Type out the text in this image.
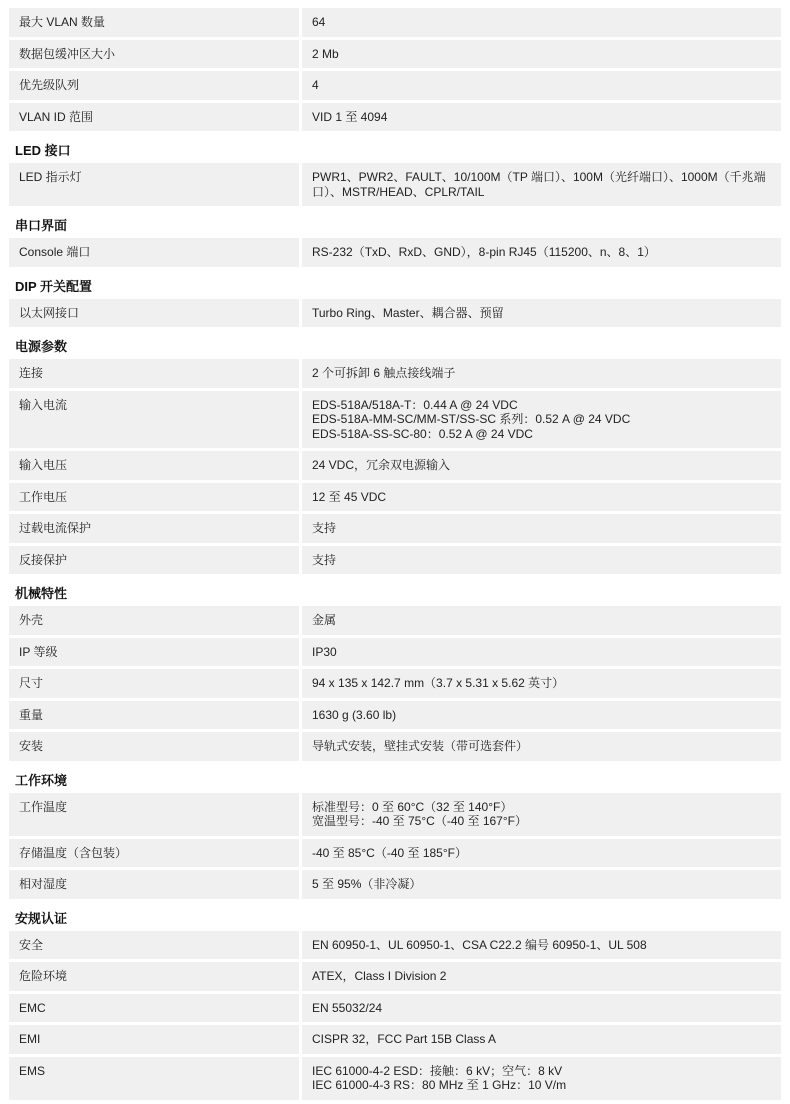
最大 VLAN 数量	64
数据包缓冲区大小	2 Mb
优先级队列	4
VLAN ID 范围	VID 1 至 4094
LED 接口
LED 指示灯	PWR1、PWR2、FAULT、10/100M（TP 端口）、100M（光纤端口）、1000M（千兆端
口）、MSTR/HEAD、CPLR/TAIL
串口界面
Console 端口	RS-232（TxD、RxD、GND），8-pin RJ45（115200、n、8、1）
DIP 开关配置
以太网接口	Turbo Ring、Master、耦合器、预留
电源参数
连接	2 个可拆卸 6 触点接线端子
输入电流	EDS-518A/518A-T：0.44 A @ 24 VDC
EDS-518A-MM-SC/MM-ST/SS-SC 系列：0.52 A @ 24 VDC
EDS-518A-SS-SC-80：0.52 A @ 24 VDC
输入电压	24 VDC，冗余双电源输入
工作电压	12 至 45 VDC
过载电流保护	支持
反接保护	支持
机械特性
外壳	金属
IP 等级	IP30
尺寸	94 x 135 x 142.7 mm（3.7 x 5.31 x 5.62 英寸）
重量	1630 g (3.60 lb)
安装	导轨式安装，壁挂式安装（带可选套件）
工作环境
工作温度	标准型号：0 至 60°C（32 至 140°F）
宽温型号：-40 至 75°C（-40 至 167°F）
存储温度（含包装）	-40 至 85°C（-40 至 185°F）
相对湿度	5 至 95%（非冷凝）
安规认证
安全	EN 60950-1、UL 60950-1、CSA C22.2 编号 60950-1、UL 508
危险环境	ATEX，Class I Division 2
EMC	EN 55032/24
EMI	CISPR 32，FCC Part 15B Class A
EMS	IEC 61000-4-2 ESD：接触：6 kV；空气：8 kV
IEC 61000-4-3 RS：80 MHz 至 1 GHz：10 V/m
